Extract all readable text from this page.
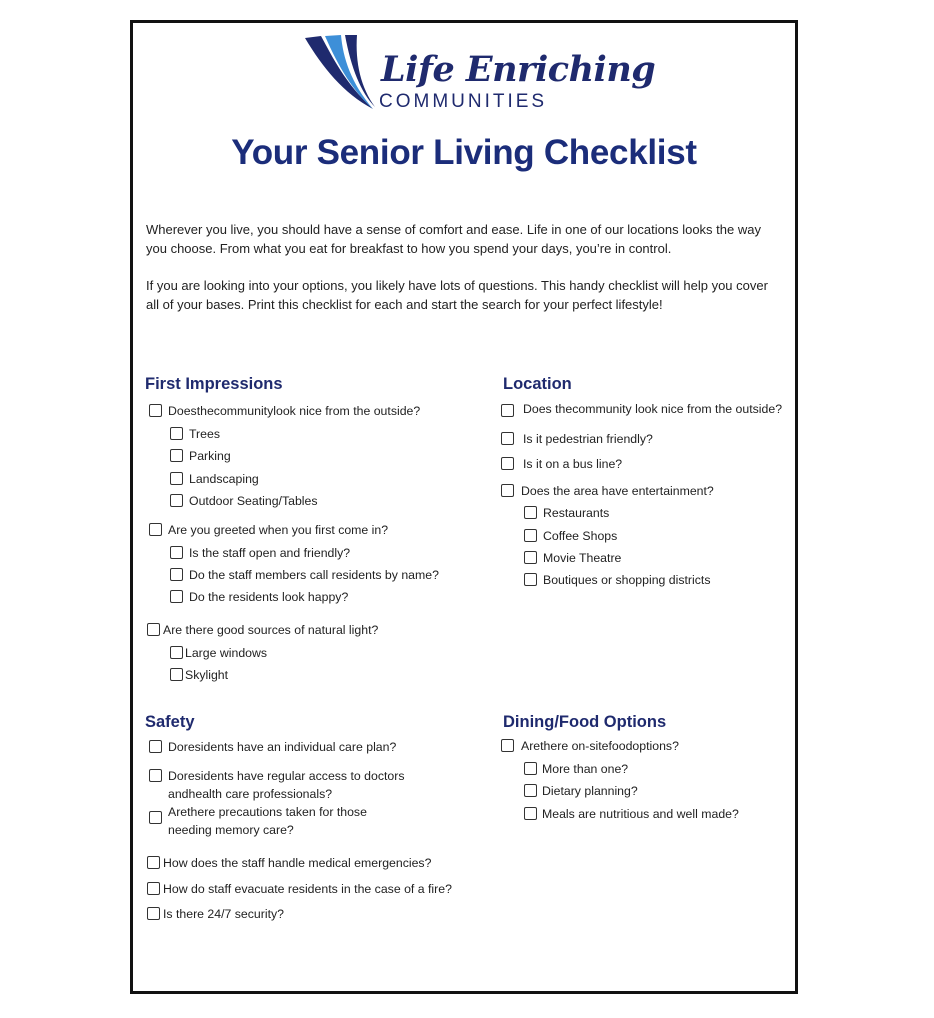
Life Enriching
COMMUNITIES
Your Senior Living Checklist

Wherever you live, you should have a sense of comfort and ease. Life in one of our locations looks the way you choose. From what you eat for breakfast to how you spend your days, you’re in control.

If you are looking into your options, you likely have lots of questions. This handy checklist will help you cover all of your bases. Print this checklist for each and start the search for your perfect lifestyle!

First Impressions
Doesthecommunitylook nice from the outside?
Trees
Parking
Landscaping
Outdoor Seating/Tables
Are you greeted when you first come in?
Is the staff open and friendly?
Do the staff members call residents by name?
Do the residents look happy?
Are there good sources of natural light?
Large windows
Skylight
Location
Does thecommunity look nice from the outside?
Is it pedestrian friendly?
Is it on a bus line?
Does the area have entertainment?
Restaurants
Coffee Shops
Movie Theatre
Boutiques or shopping districts
Safety
Doresidents have an individual care plan?
Doresidents have regular access to doctors andhealth care professionals?
Arethere precautions taken for those needing memory care?
How does the staff handle medical emergencies?
How do staff evacuate residents in the case of a fire?
Is there 24/7 security?
Dining/Food Options
Arethere on-sitefoodoptions?
More than one?
Dietary planning?
Meals are nutritious and well made?
